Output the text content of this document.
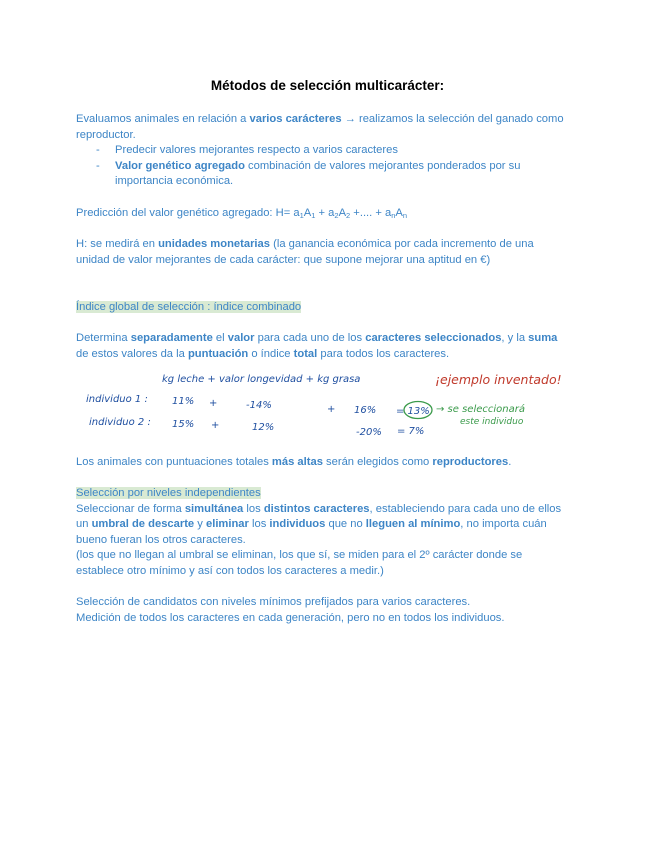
Métodos de selección multicarácter:

Evaluamos animales en relación a varios carácteres → realizamos la selección del ganado como reproductor.

- Predecir valores mejorantes respecto a varios caracteres
- Valor genético agregado combinación de valores mejorantes ponderados por su importancia económica.

Predicción del valor genético agregado: $H= a_1A_1 + a_2A_2$ +.... + $a_nA_n$

H: se medirá en unidades monetarias (la ganancia económica por cada incremento de una unidad de valor mejorantes de cada carácter: que supone mejorar una aptitud en €)

Índice global de selección : índice combinado

Determina separadamente el valor para cada uno de los caracteres seleccionados, y la suma de estos valores da la puntuación o índice total para todos los caracteres.

kg leche + valor longevidad + kg grasa	¡ejemplo inventado!
individuo 1 : 11% +	-14%	+ 16% = 13% → se seleccionará
este individuo
individuo 2 : 15% +	12%	-20% = 7%

Los animales con puntuaciones totales más altas serán elegidos como reproductores.

Selección por niveles independientes

Seleccionar de forma simultánea los distintos caracteres, estableciendo para cada uno de ellos un umbral de descarte y eliminar los individuos que no lleguen al mínimo, no importa cuán bueno fueran los otros caracteres.

(los que no llegan al umbral se eliminan, los que sí, se miden para el 2º carácter donde se establece otro mínimo y así con todos los caracteres a medir.)

Selección de candidatos con niveles mínimos prefijados para varios caracteres.

Medición de todos los caracteres en cada generación, pero no en todos los individuos.
